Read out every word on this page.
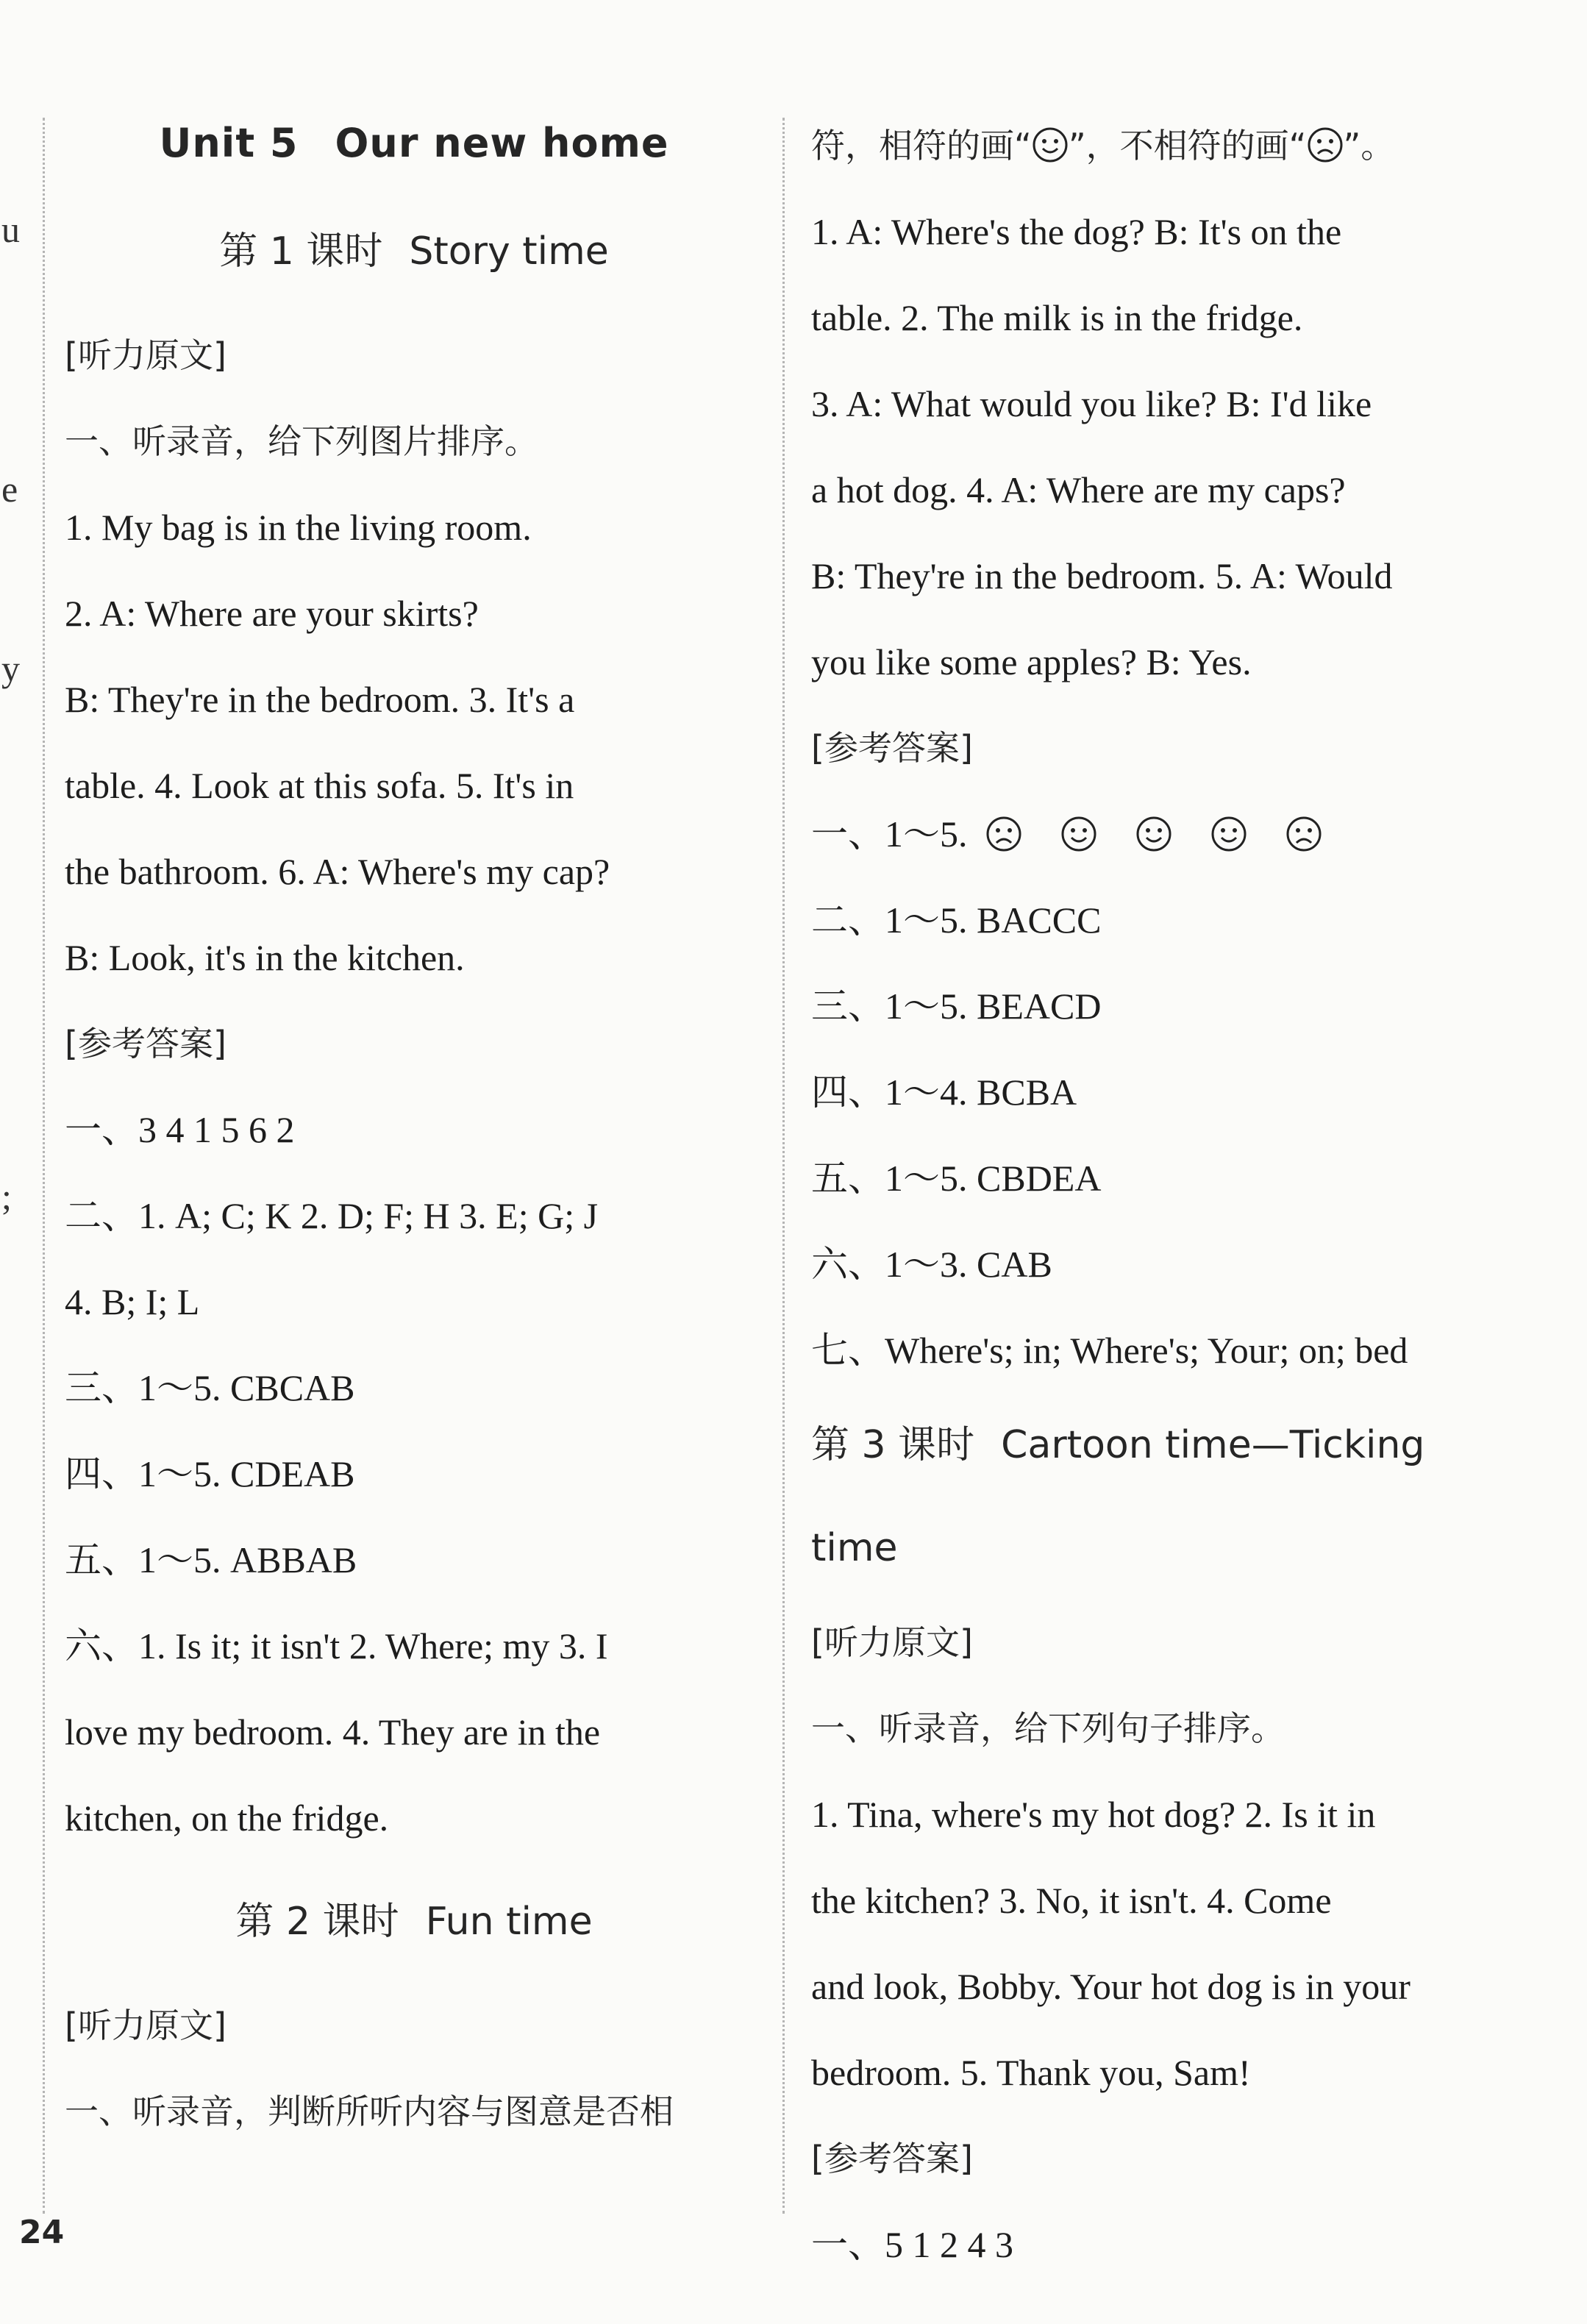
u
e
y
;
Unit 5 Our new home
第 1 课时 Story time
[听力原文]
一、听录音，给下列图片排序。
1. My bag is in the living room.
2. A: Where are your skirts?
B: They're in the bedroom. 3. It's a
table. 4. Look at this sofa. 5. It's in
the bathroom. 6. A: Where's my cap?
B: Look, it's in the kitchen.
[参考答案]
一、3 4 1 5 6 2
二、1. A; C; K 2. D; F; H 3. E; G; J
4. B; I; L
三、1～5. CBCAB
四、1～5. CDEAB
五、1～5. ABBAB
六、1. Is it; it isn't 2. Where; my 3. I
love my bedroom. 4. They are in the
kitchen, on the fridge.
第 2 课时 Fun time
[听力原文]
一、听录音，判断所听内容与图意是否相
符，相符的画“ ”，不相符的画“ ”。
1. A: Where's the dog? B: It's on the
table. 2. The milk is in the fridge.
3. A: What would you like? B: I'd like
a hot dog. 4. A: Where are my caps?
B: They're in the bedroom. 5. A: Would
you like some apples? B: Yes.
[参考答案]
一、1～5.
二、1～5. BACCC
三、1～5. BEACD
四、1～4. BCBA
五、1～5. CBDEA
六、1～3. CAB
七、Where's; in; Where's; Your; on; bed
第 3 课时 Cartoon time—Ticking time
[听力原文]
一、听录音，给下列句子排序。
1. Tina, where's my hot dog? 2. Is it in
the kitchen? 3. No, it isn't. 4. Come
and look, Bobby. Your hot dog is in your
bedroom. 5. Thank you, Sam!
[参考答案]
一、5 1 2 4 3
24
